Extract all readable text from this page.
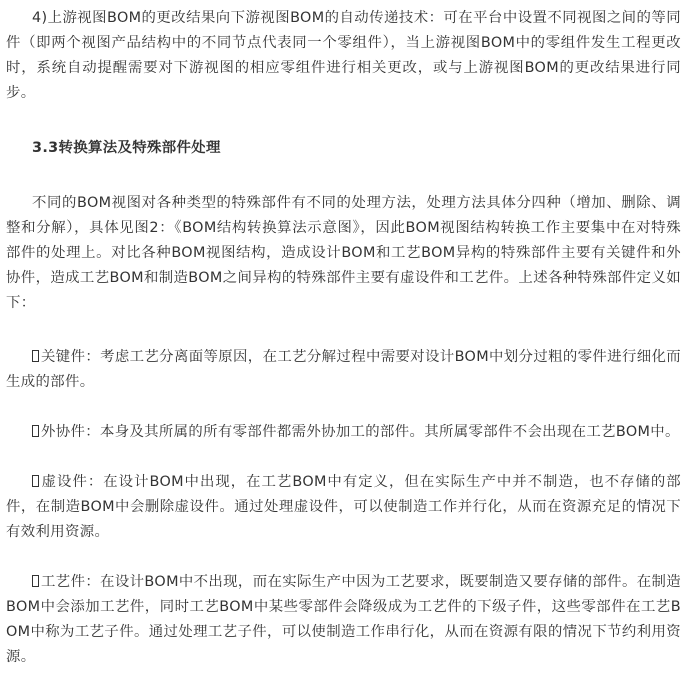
4)上游视图BOM的更改结果向下游视图BOM的自动传递技术：可在平台中设置不同视图之间的等同件（即两个视图产品结构中的不同节点代表同一个零组件），当上游视图BOM中的零组件发生工程更改时，系统自动提醒需要对下游视图的相应零组件进行相关更改，或与上游视图BOM的更改结果进行同步。

3.3转换算法及特殊部件处理

不同的BOM视图对各种类型的特殊部件有不同的处理方法，处理方法具体分四种（增加、删除、调整和分解），具体见图2：《BOM结构转换算法示意图》，因此BOM视图结构转换工作主要集中在对特殊部件的处理上。对比各种BOM视图结构，造成设计BOM和工艺BOM异构的特殊部件主要有关键件和外协件，造成工艺BOM和制造BOM之间异构的特殊部件主要有虚设件和工艺件。上述各种特殊部件定义如下：

关键件：考虑工艺分离面等原因，在工艺分解过程中需要对设计BOM中划分过粗的零件进行细化而生成的部件。

外协件：本身及其所属的所有零部件都需外协加工的部件。其所属零部件不会出现在工艺BOM中。

虚设件：在设计BOM中出现，在工艺BOM中有定义，但在实际生产中并不制造，也不存储的部件，在制造BOM中会删除虚设件。通过处理虚设件，可以使制造工作并行化，从而在资源充足的情况下有效利用资源。

工艺件：在设计BOM中不出现，而在实际生产中因为工艺要求，既要制造又要存储的部件。在制造BOM中会添加工艺件，同时工艺BOM中某些零部件会降级成为工艺件的下级子件，这些零部件在工艺BOM中称为工艺子件。通过处理工艺子件，可以使制造工作串行化，从而在资源有限的情况下节约利用资源。
